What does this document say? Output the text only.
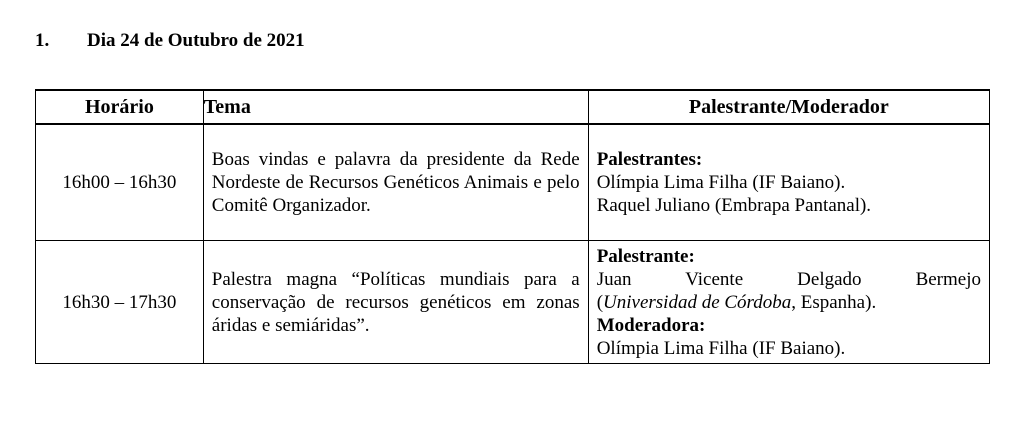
1. Dia 24 de Outubro de 2021
Horário	Tema	Palestrante/Moderador
16h00 – 16h30	Boas vindas e palavra da presidente da Rede Nordeste de Recursos Genéticos Animais e pelo Comitê Organizador.	Palestrantes:
Olímpia Lima Filha (IF Baiano).
Raquel Juliano (Embrapa Pantanal).

16h30 – 17h30	Palestra magna “Políticas mundiais para a conservação de recursos genéticos em zonas áridas e semiáridas”.	Palestrante:
Juan Vicente Delgado Bermejo
(Universidad de Córdoba, Espanha).
Moderadora:
Olímpia Lima Filha (IF Baiano).
